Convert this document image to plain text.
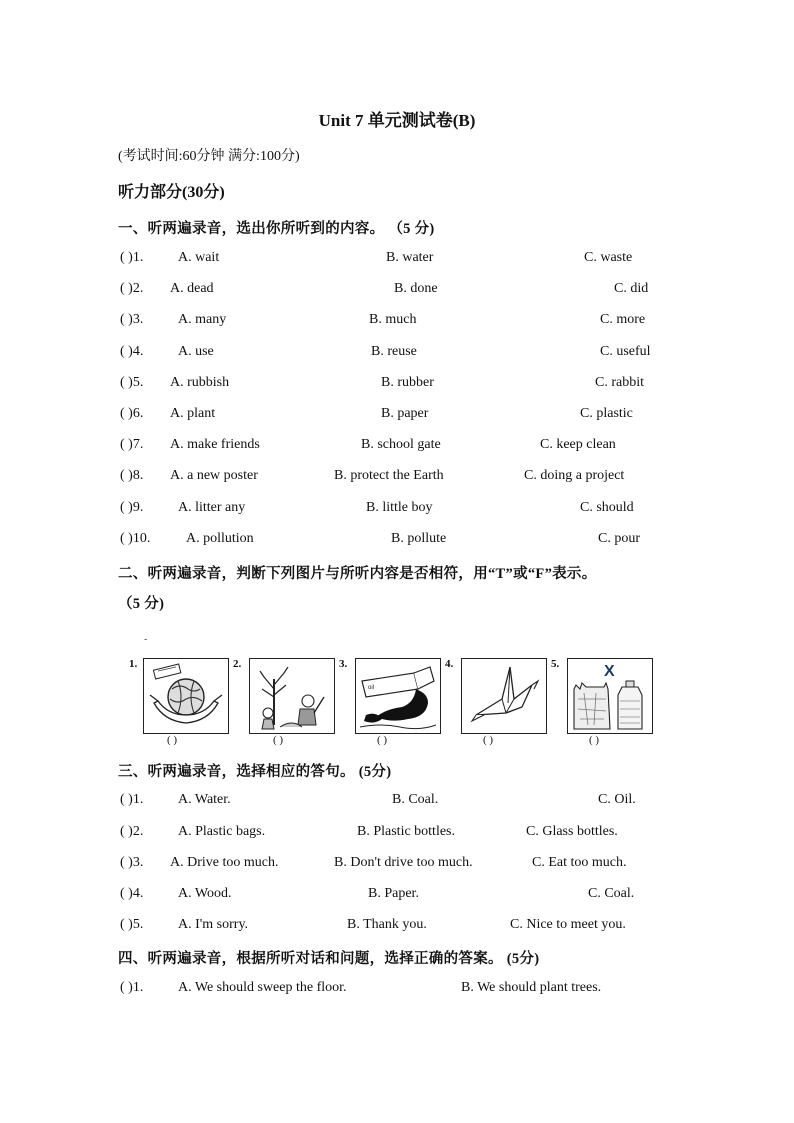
Unit 7 单元测试卷(B)
(考试时间:60分钟 满分:100分)
听力部分(30分)
一、听两遍录音，选出你所听到的内容。 （5 分)
( )1. A. wait	B. water	C. waste
( )2. A. dead	B. done	C. did
( )3. A. many	B. much	C. more
( )4. A. use	B. reuse	C. useful
( )5. A. rubbish	B. rubber	C. rabbit
( )6. A. plant	B. paper	C. plastic
( )7. A. make friends	B. school gate	C. keep clean
( )8. A. a new poster	B. protect the Earth	C. doing a project
( )9. A. litter any	B. little boy	C. should
( )10.	A. pollution	B. pollute	C. pour
二、听两遍录音，判断下列图片与所听内容是否相符，用“T”或“F”表示。
（5 分)
-
1.
( )
2.
( )
3.
oil
( )
4.
( )
5.	X
( )
三、听两遍录音，选择相应的答句。 (5分)
( )1. A. Water.	B. Coal.	C. Oil.
( )2. A. Plastic bags.	B. Plastic bottles.	C. Glass bottles.
( )3. A. Drive too much.	B. Don't drive too much.	C. Eat too much.
( )4. A. Wood.	B. Paper.	C. Coal.
( )5. A. I'm sorry.	B. Thank you.	C. Nice to meet you.
四、听两遍录音，根据所听对话和问题，选择正确的答案。 (5分)
( )1. A. We should sweep the floor.	B. We should plant trees.
